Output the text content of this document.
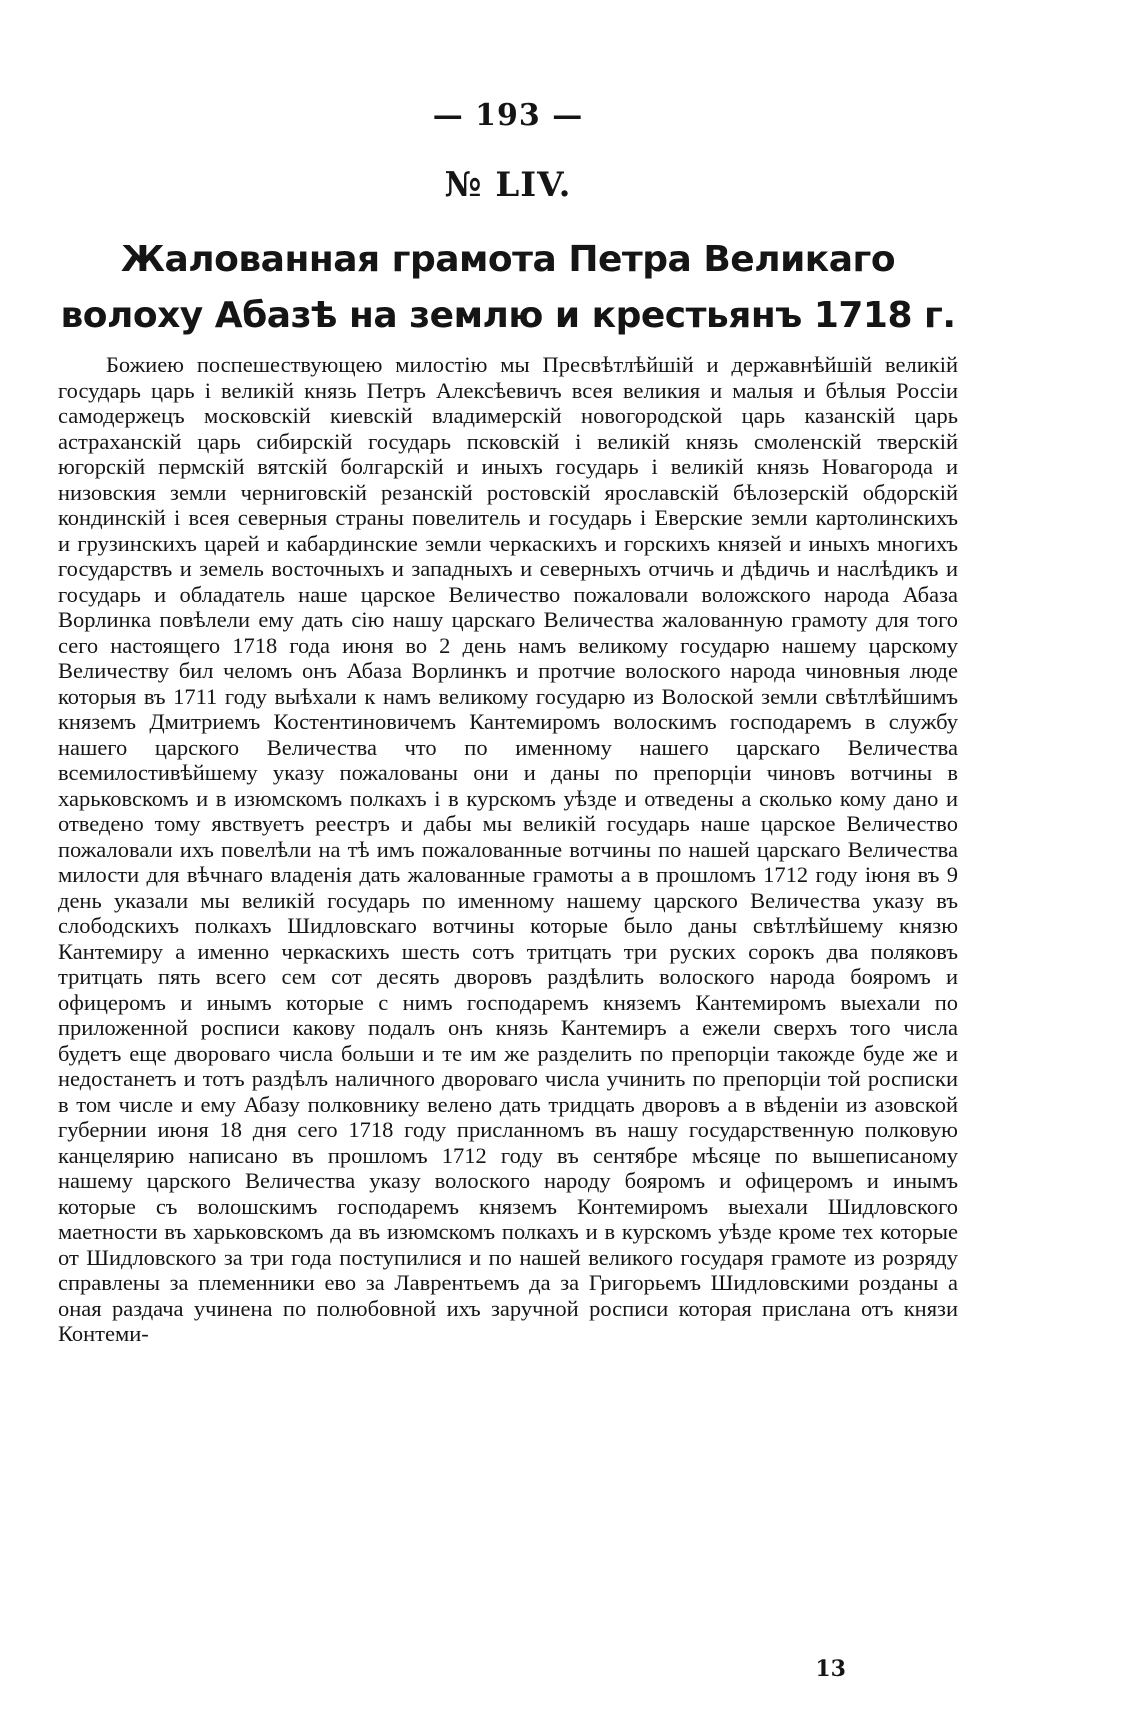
— 193 —
№ LIV.
Жалованная грамота Петра Великаго волоху Абазѣ на землю и крестьянъ 1718 г.

Божиею поспешествующею милостiю мы Пресвѣтлѣйшiй и державнѣйшiй великiй государь царь i великiй князь Петръ Алексѣевичъ всея великия и малыя и бѣлыя Россiи самодержецъ московскiй киевскiй владимерскiй новогородской царь казанскiй царь астраханскiй царь сибирскiй государь псковскiй i великiй князь смоленскiй тверскiй югорскiй пермскiй вятскiй болгарскiй и иныхъ государь i великiй князь Новагорода и низовския земли черниговскiй резанскiй ростовскiй ярославскiй бѣлозерскiй обдорскiй кондинскiй i всея северныя страны повелитель и государь i Еверские земли картолинскихъ и грузинскихъ царей и кабардинские земли черкаскихъ и горскихъ князей и иныхъ многихъ государствъ и земель восточныхъ и западныхъ и северныхъ отчичь и дѣдичь и наслѣдикъ и государь и обладатель наше царское Величество пожаловали воложского народа Абаза Ворлинка повѣлели ему дать сiю нашу царскаго Величества жалованную грамоту для того сего настоящего 1718 года июня во 2 день намъ великому государю нашему царскому Величеству бил челомъ онъ Абаза Ворлинкъ и протчие волоского народа чиновныя люде которыя въ 1711 году выѣхали к намъ великому государю из Волоской земли свѣтлѣйшимъ княземъ Дмитриемъ Костентиновичемъ Кантемиромъ волоскимъ господаремъ в службу нашего царского Величества что по именному нашего царскаго Величества всемилостивѣйшему указу пожалованы они и даны по препорцiи чиновъ вотчины в харьковскомъ и в изюмскомъ полкахъ i в курскомъ уѣзде и отведены а сколько кому дано и отведено тому явствуетъ реестръ и дабы мы великiй государь наше царское Величество пожаловали ихъ повелѣли на тѣ имъ пожалованные вотчины по нашей царскаго Величества милости для вѣчнаго владенiя дать жалованные грамоты а в прошломъ 1712 году iюня въ 9 день указали мы великiй государь по именному нашему царского Величества указу въ слободскихъ полкахъ Шидловскаго вотчины которые было даны свѣтлѣйшему князю Кантемиру а именно черкаскихъ шесть сотъ тритцать три руских сорокъ два поляковъ тритцать пять всего сем сот десять дворовъ раздѣлить волоского народа бояромъ и офицеромъ и инымъ которые с нимъ господаремъ княземъ Кантемиромъ выехали по приложенной росписи какову подалъ онъ князь Кантемиръ а ежели сверхъ того числа будетъ еще двороваго числа больши и те им же разделить по препорцiи такожде буде же и недостанетъ и тотъ раздѣлъ наличного двороваго числа учинить по препорцiи той росписки в том числе и ему Абазу полковнику велено дать тридцать дворовъ а в вѣденiи из азовской губернии июня 18 дня сего 1718 году присланномъ въ нашу государственную полковую канцелярию написано въ прошломъ 1712 году въ сентябре мѣсяце по вышеписаному нашему царского Величества указу волоского народу бояромъ и офицеромъ и инымъ которые съ волошскимъ господаремъ княземъ Контемиромъ выехали Шидловского маетности въ харьковскомъ да въ изюмскомъ полкахъ и в курскомъ уѣзде кроме тех которые от Шидловского за три года поступилися и по нашей великого государя грамоте из розряду справлены за племенники ево за Лаврентьемъ да за Григорьемъ Шидловскими розданы а оная раздача учинена по полюбовной ихъ заручной росписи которая прислана отъ князи Контеми-

13
